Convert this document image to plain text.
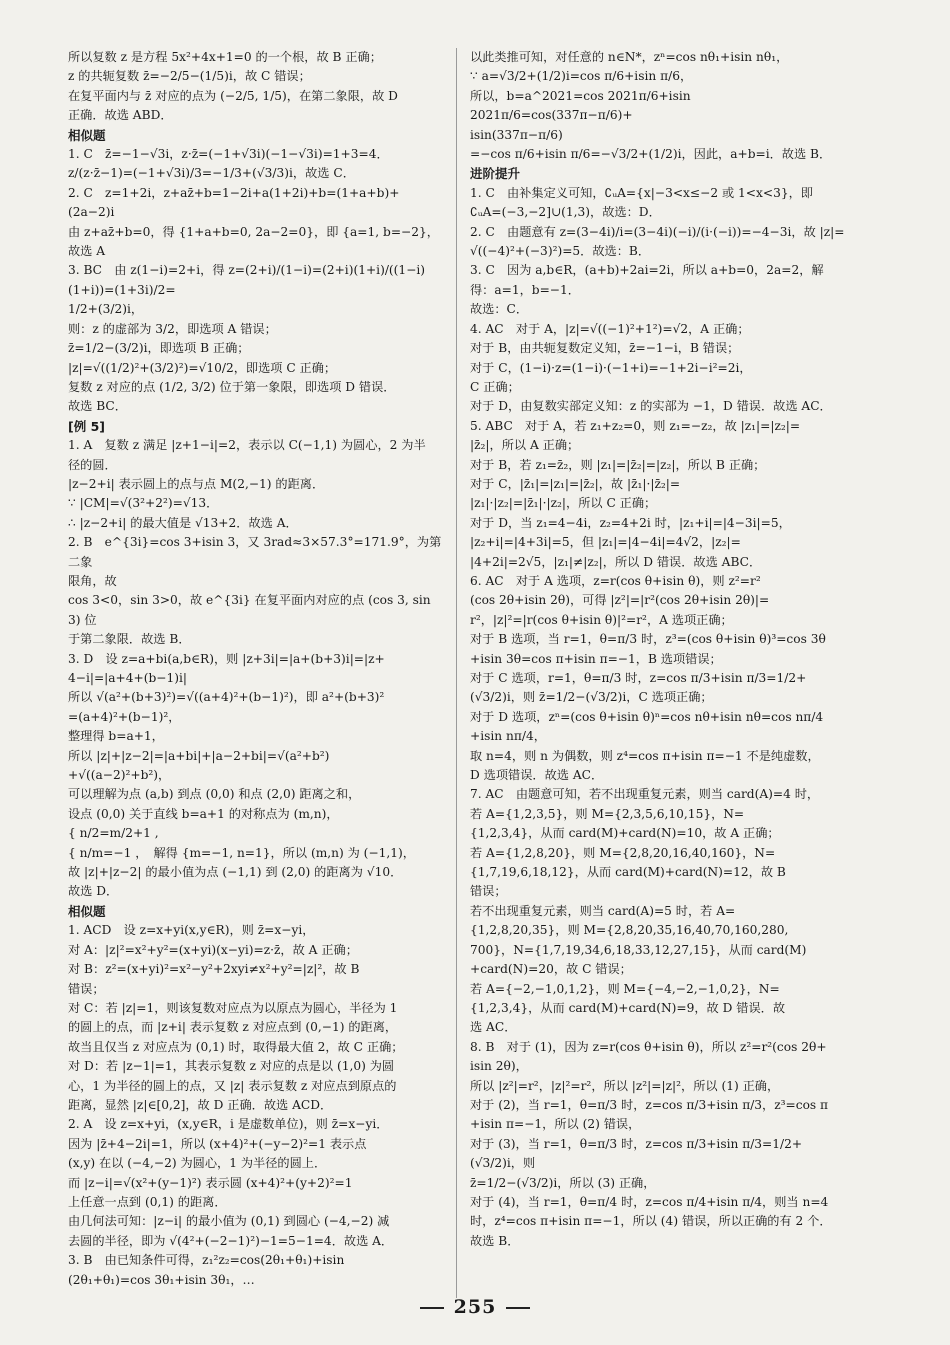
所以复数 z 是方程 5x²+4x+1=0 的一个根，故 B 正确；
z 的共轭复数 z̄=−2/5−(1/5)i，故 C 错误；
在复平面内与 z̄ 对应的点为 (−2/5, 1/5)，在第二象限，故 D
正确．故选 ABD．
相似题
1. C　z̄=−1−√3i，z·z̄=(−1+√3i)(−1−√3i)=1+3=4．
z/(z·z̄−1)=(−1+√3i)/3=−1/3+(√3/3)i，故选 C．
2. C　z=1+2i，z+az̄+b=1−2i+a(1+2i)+b=(1+a+b)+
(2a−2)i
由 z+az̄+b=0，得 {1+a+b=0, 2a−2=0}，即 {a=1, b=−2}，故选 A
3. BC　由 z(1−i)=2+i，得 z=(2+i)/(1−i)=(2+i)(1+i)/((1−i)(1+i))=(1+3i)/2=
1/2+(3/2)i，
则：z 的虚部为 3/2，即选项 A 错误；
z̄=1/2−(3/2)i，即选项 B 正确；
|z|=√((1/2)²+(3/2)²)=√10/2，即选项 C 正确；
复数 z 对应的点 (1/2, 3/2) 位于第一象限，即选项 D 错误．
故选 BC．
[例 5]
1. A　复数 z 满足 |z+1−i|=2，表示以 C(−1,1) 为圆心，2 为半
径的圆．
|z−2+i| 表示圆上的点与点 M(2,−1) 的距离．
∵ |CM|=√(3²+2²)=√13．
∴ |z−2+i| 的最大值是 √13+2．故选 A．
2. B　e^{3i}=cos 3+isin 3，又 3rad≈3×57.3°=171.9°，为第二象
限角，故
cos 3<0，sin 3>0，故 e^{3i} 在复平面内对应的点 (cos 3, sin 3) 位
于第二象限．故选 B．
3. D　设 z=a+bi(a,b∈R)，则 |z+3i|=|a+(b+3)i|=|z+
4−i|=|a+4+(b−1)i|
所以 √(a²+(b+3)²)=√((a+4)²+(b−1)²)，即 a²+(b+3)²
=(a+4)²+(b−1)²，
整理得 b=a+1，
所以 |z|+|z−2|=|a+bi|+|a−2+bi|=√(a²+b²)
+√((a−2)²+b²)，
可以理解为点 (a,b) 到点 (0,0) 和点 (2,0) 距离之和，
设点 (0,0) 关于直线 b=a+1 的对称点为 (m,n)，
{ n/2=m/2+1 ,
{ n/m=−1 ，　解得 {m=−1, n=1}，所以 (m,n) 为 (−1,1)，
故 |z|+|z−2| 的最小值为点 (−1,1) 到 (2,0) 的距离为 √10．
故选 D．
相似题
1. ACD　设 z=x+yi(x,y∈R)，则 z̄=x−yi，
对 A：|z|²=x²+y²=(x+yi)(x−yi)=z·z̄，故 A 正确；
对 B：z²=(x+yi)²=x²−y²+2xyi≠x²+y²=|z|²，故 B
错误；
对 C：若 |z|=1，则该复数对应点为以原点为圆心，半径为 1
的圆上的点，而 |z+i| 表示复数 z 对应点到 (0,−1) 的距离，
故当且仅当 z 对应点为 (0,1) 时，取得最大值 2，故 C 正确；
对 D：若 |z−1|=1，其表示复数 z 对应的点是以 (1,0) 为圆
心，1 为半径的圆上的点，又 |z| 表示复数 z 对应点到原点的
距离，显然 |z|∈[0,2]，故 D 正确．故选 ACD．
2. A　设 z=x+yi，(x,y∈R，i 是虚数单位)，则 z̄=x−yi．
因为 |z̄+4−2i|=1，所以 (x+4)²+(−y−2)²=1 表示点
(x,y) 在以 (−4,−2) 为圆心，1 为半径的圆上．
而 |z−i|=√(x²+(y−1)²) 表示圆 (x+4)²+(y+2)²=1
上任意一点到 (0,1) 的距离．
由几何法可知：|z−i| 的最小值为 (0,1) 到圆心 (−4,−2) 减
去圆的半径，即为 √(4²+(−2−1)²)−1=5−1=4．故选 A．
3. B　由已知条件可得，z₁²z₂=cos(2θ₁+θ₁)+isin
(2θ₁+θ₁)=cos 3θ₁+isin 3θ₁，…
以此类推可知，对任意的 n∈N*，zⁿ=cos nθ₁+isin nθ₁，
∵ a=√3/2+(1/2)i=cos π/6+isin π/6，
所以，b=a^2021=cos 2021π/6+isin 2021π/6=cos(337π−π/6)+
isin(337π−π/6)
=−cos π/6+isin π/6=−√3/2+(1/2)i，因此，a+b=i．故选 B．
进阶提升
1. C　由补集定义可知，∁ᵤA={x|−3<x≤−2 或 1<x<3}，即
∁ᵤA=(−3,−2]∪(1,3)，故选：D．
2. C　由题意有 z=(3−4i)/i=(3−4i)(−i)/(i·(−i))=−4−3i，故 |z|=
√((−4)²+(−3)²)=5．故选：B．
3. C　因为 a,b∈R，(a+b)+2ai=2i，所以 a+b=0，2a=2，解
得：a=1，b=−1．
故选：C．
4. AC　对于 A，|z|=√((−1)²+1²)=√2，A 正确；
对于 B，由共轭复数定义知，z̄=−1−i，B 错误；
对于 C，(1−i)·z=(1−i)·(−1+i)=−1+2i−i²=2i，
C 正确；
对于 D，由复数实部定义知：z 的实部为 −1，D 错误．故选 AC．
5. ABC　对于 A，若 z₁+z₂=0，则 z₁=−z₂，故 |z₁|=|z₂|=
|z̄₂|，所以 A 正确；
对于 B，若 z₁=z̄₂，则 |z₁|=|z̄₂|=|z₂|，所以 B 正确；
对于 C，|z̄₁|=|z₁|=|z̄₂|，故 |z̄₁|·|z̄₂|=
|z₁|·|z₂|=|z̄₁|·|z₂|，所以 C 正确；
对于 D，当 z₁=4−4i，z₂=4+2i 时，|z₁+i|=|4−3i|=5，
|z₂+i|=|4+3i|=5，但 |z₁|=|4−4i|=4√2，|z₂|=
|4+2i|=2√5，|z₁|≠|z₂|，所以 D 错误．故选 ABC．
6. AC　对于 A 选项，z=r(cos θ+isin θ)，则 z²=r²
(cos 2θ+isin 2θ)，可得 |z²|=|r²(cos 2θ+isin 2θ)|=
r²，|z|²=|r(cos θ+isin θ)|²=r²，A 选项正确；
对于 B 选项，当 r=1，θ=π/3 时，z³=(cos θ+isin θ)³=cos 3θ
+isin 3θ=cos π+isin π=−1，B 选项错误；
对于 C 选项，r=1，θ=π/3 时，z=cos π/3+isin π/3=1/2+
(√3/2)i，则 z̄=1/2−(√3/2)i，C 选项正确；
对于 D 选项，zⁿ=(cos θ+isin θ)ⁿ=cos nθ+isin nθ=cos nπ/4
+isin nπ/4，
取 n=4，则 n 为偶数，则 z⁴=cos π+isin π=−1 不是纯虚数，
D 选项错误．故选 AC．
7. AC　由题意可知，若不出现重复元素，则当 card(A)=4 时，
若 A={1,2,3,5}，则 M={2,3,5,6,10,15}，N=
{1,2,3,4}，从而 card(M)+card(N)=10，故 A 正确；
若 A={1,2,8,20}，则 M={2,8,20,16,40,160}，N=
{1,7,19,6,18,12}，从而 card(M)+card(N)=12，故 B
错误；
若不出现重复元素，则当 card(A)=5 时，若 A=
{1,2,8,20,35}，则 M={2,8,20,35,16,40,70,160,280,
700}，N={1,7,19,34,6,18,33,12,27,15}，从而 card(M)
+card(N)=20，故 C 错误；
若 A={−2,−1,0,1,2}，则 M={−4,−2,−1,0,2}，N=
{1,2,3,4}，从而 card(M)+card(N)=9，故 D 错误．故
选 AC．
8. B　对于 (1)，因为 z=r(cos θ+isin θ)，所以 z²=r²(cos 2θ+
isin 2θ)，
所以 |z²|=r²，|z|²=r²，所以 |z²|=|z|²，所以 (1) 正确，
对于 (2)，当 r=1，θ=π/3 时，z=cos π/3+isin π/3，z³=cos π
+isin π=−1，所以 (2) 错误，
对于 (3)，当 r=1，θ=π/3 时，z=cos π/3+isin π/3=1/2+(√3/2)i，则
z̄=1/2−(√3/2)i，所以 (3) 正确，
对于 (4)，当 r=1，θ=π/4 时，z=cos π/4+isin π/4，则当 n=4
时，z⁴=cos π+isin π=−1，所以 (4) 错误，所以正确的有 2 个．
故选 B．
255
